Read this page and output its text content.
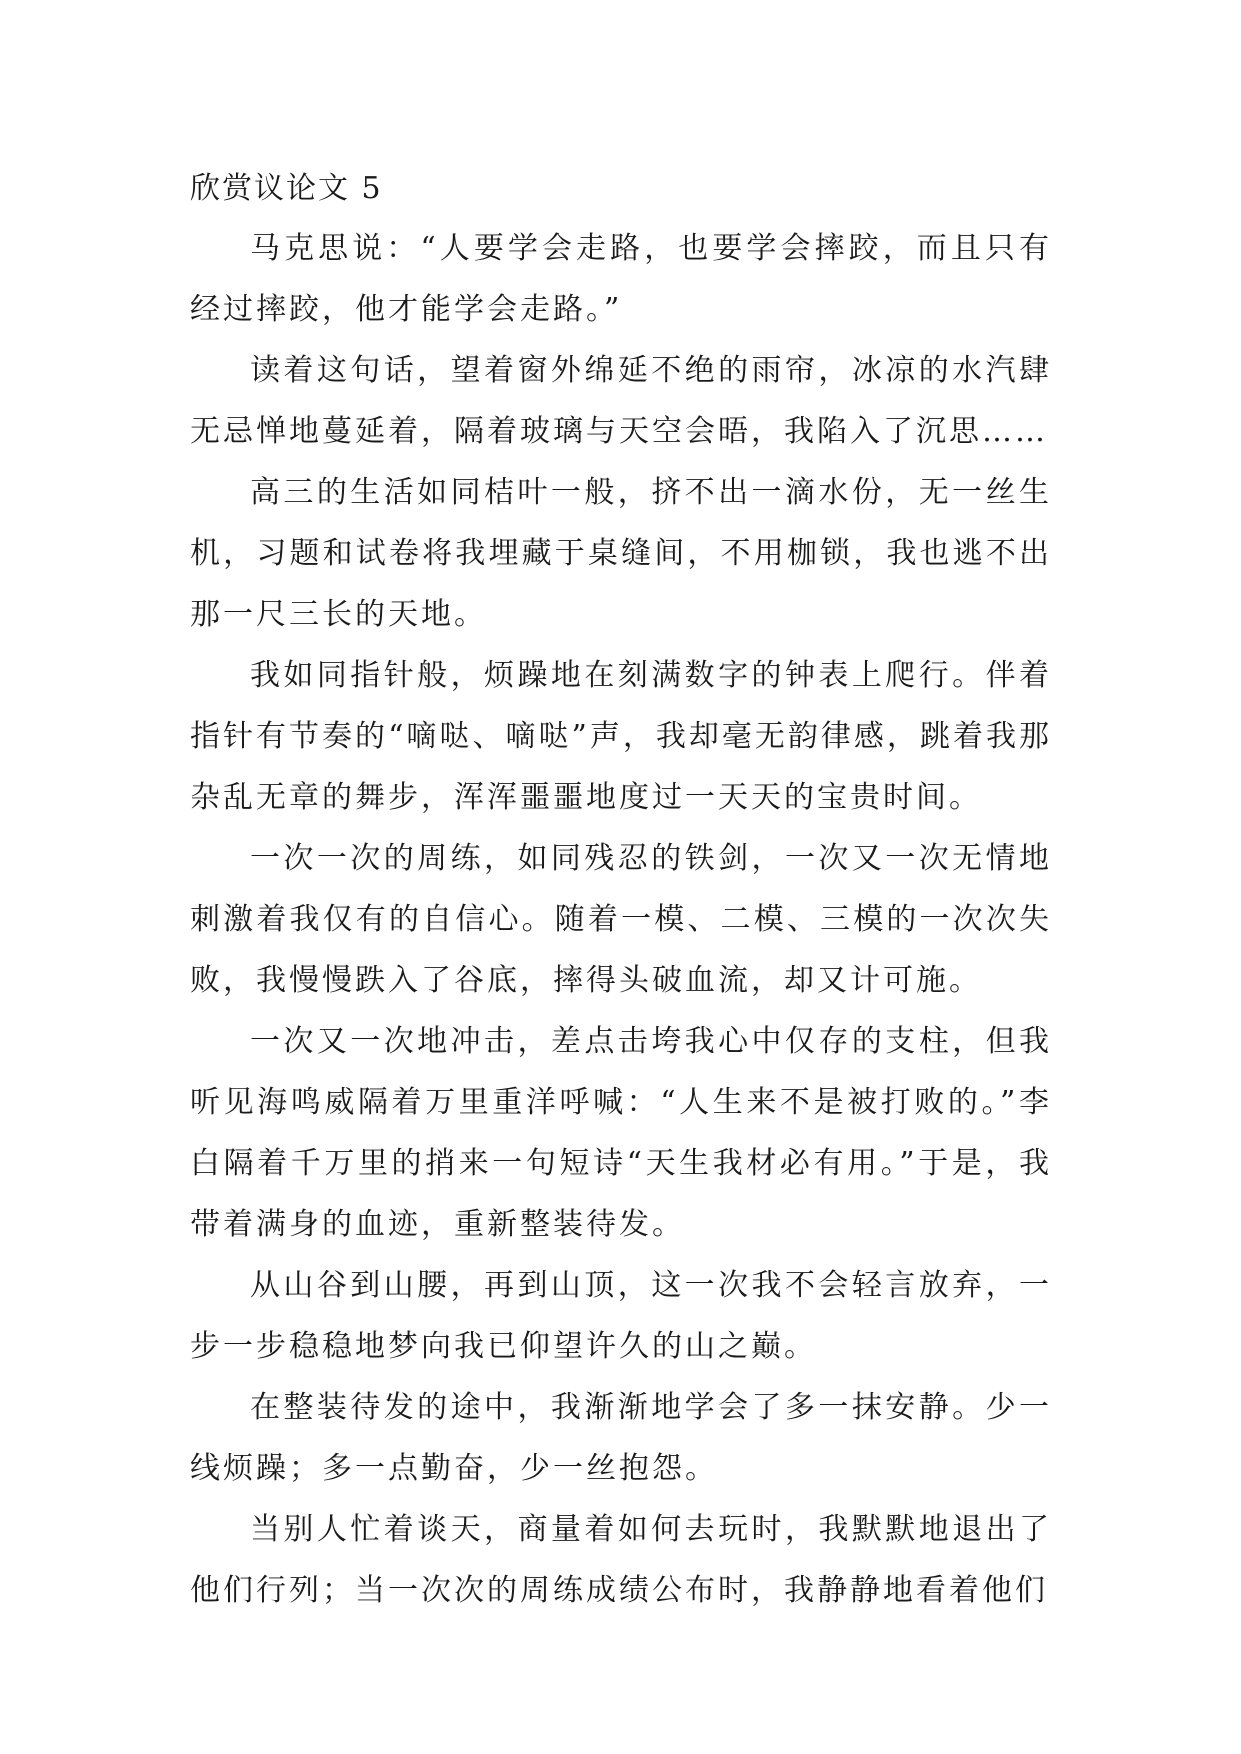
欣赏议论文 5

马克思说：“人要学会走路，也要学会摔跤，而且只有经过摔跤，他才能学会走路。”

读着这句话，望着窗外绵延不绝的雨帘，冰凉的水汽肆无忌惮地蔓延着，隔着玻璃与天空会晤，我陷入了沉思……

高三的生活如同桔叶一般，挤不出一滴水份，无一丝生机，习题和试卷将我埋藏于桌缝间，不用枷锁，我也逃不出那一尺三长的天地。

我如同指针般，烦躁地在刻满数字的钟表上爬行。伴着指针有节奏的“嘀哒、嘀哒”声，我却毫无韵律感，跳着我那杂乱无章的舞步，浑浑噩噩地度过一天天的宝贵时间。

一次一次的周练，如同残忍的铁剑，一次又一次无情地刺激着我仅有的自信心。随着一模、二模、三模的一次次失败，我慢慢跌入了谷底，摔得头破血流，却又计可施。

一次又一次地冲击，差点击垮我心中仅存的支柱，但我听见海鸣威隔着万里重洋呼喊：“人生来不是被打败的。”李白隔着千万里的捎来一句短诗“天生我材必有用。”于是，我带着满身的血迹，重新整装待发。

从山谷到山腰，再到山顶，这一次我不会轻言放弃，一步一步稳稳地梦向我已仰望许久的山之巅。

在整装待发的途中，我渐渐地学会了多一抹安静。少一线烦躁；多一点勤奋，少一丝抱怨。

当别人忙着谈天，商量着如何去玩时，我默默地退出了他们行列；当一次次的周练成绩公布时，我静静地看着他们
